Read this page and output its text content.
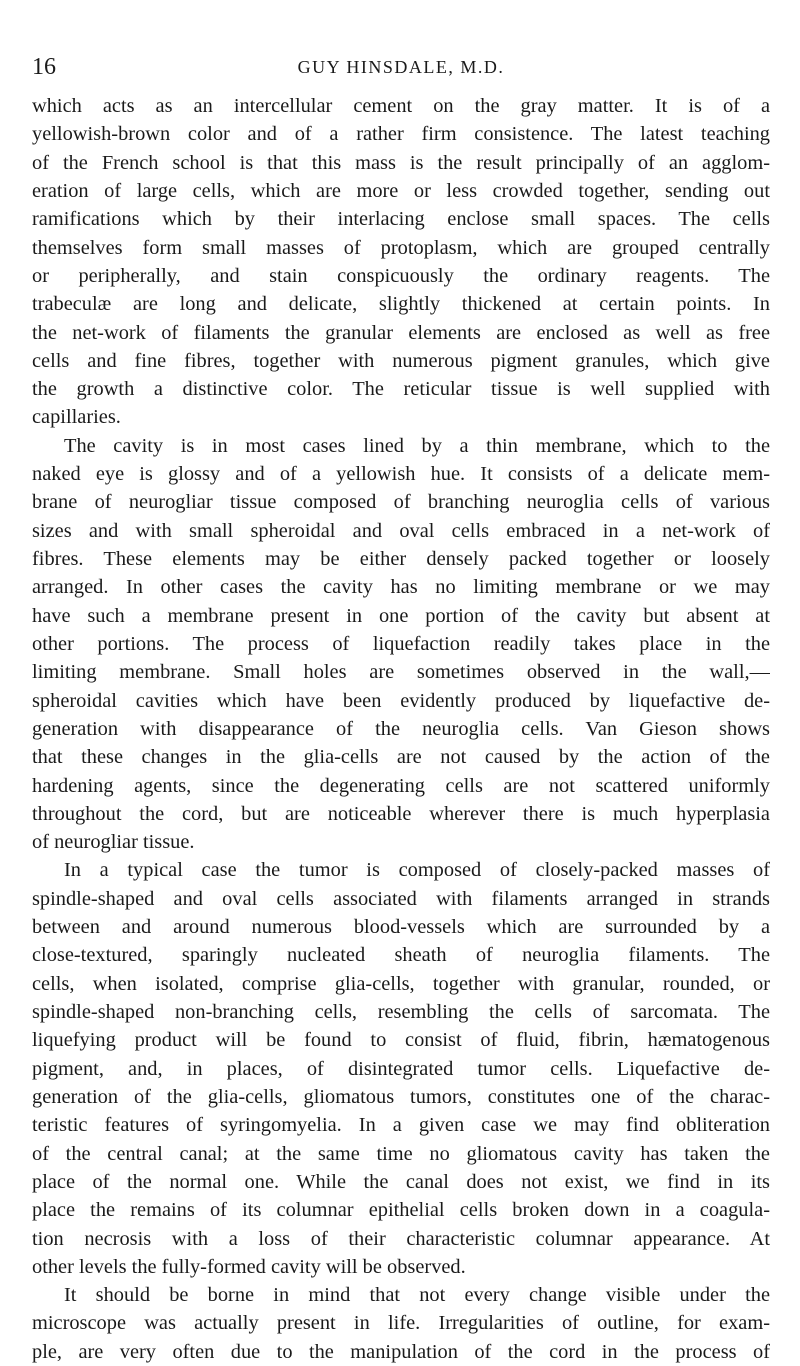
16	GUY HINSDALE, M.D.
which acts as an intercellular cement on the gray matter. It is of a
yellowish-brown color and of a rather firm consistence. The latest teaching
of the French school is that this mass is the result principally of an agglom-
eration of large cells, which are more or less crowded together, sending out
ramifications which by their interlacing enclose small spaces. The cells
themselves form small masses of protoplasm, which are grouped centrally
or peripherally, and stain conspicuously the ordinary reagents. The
trabeculæ are long and delicate, slightly thickened at certain points. In
the net-work of filaments the granular elements are enclosed as well as free
cells and fine fibres, together with numerous pigment granules, which give
the growth a distinctive color. The reticular tissue is well supplied with
capillaries.
The cavity is in most cases lined by a thin membrane, which to the
naked eye is glossy and of a yellowish hue. It consists of a delicate mem-
brane of neurogliar tissue composed of branching neuroglia cells of various
sizes and with small spheroidal and oval cells embraced in a net-work of
fibres. These elements may be either densely packed together or loosely
arranged. In other cases the cavity has no limiting membrane or we may
have such a membrane present in one portion of the cavity but absent at
other portions. The process of liquefaction readily takes place in the
limiting membrane. Small holes are sometimes observed in the wall,—
spheroidal cavities which have been evidently produced by liquefactive de-
generation with disappearance of the neuroglia cells. Van Gieson shows
that these changes in the glia-cells are not caused by the action of the
hardening agents, since the degenerating cells are not scattered uniformly
throughout the cord, but are noticeable wherever there is much hyperplasia
of neurogliar tissue.
In a typical case the tumor is composed of closely-packed masses of
spindle-shaped and oval cells associated with filaments arranged in strands
between and around numerous blood-vessels which are surrounded by a
close-textured, sparingly nucleated sheath of neuroglia filaments. The
cells, when isolated, comprise glia-cells, together with granular, rounded, or
spindle-shaped non-branching cells, resembling the cells of sarcomata. The
liquefying product will be found to consist of fluid, fibrin, hæmatogenous
pigment, and, in places, of disintegrated tumor cells. Liquefactive de-
generation of the glia-cells, gliomatous tumors, constitutes one of the charac-
teristic features of syringomyelia. In a given case we may find obliteration
of the central canal; at the same time no gliomatous cavity has taken the
place of the normal one. While the canal does not exist, we find in its
place the remains of its columnar epithelial cells broken down in a coagula-
tion necrosis with a loss of their characteristic columnar appearance. At
other levels the fully-formed cavity will be observed.
It should be borne in mind that not every change visible under the
microscope was actually present in life. Irregularities of outline, for exam-
ple, are very often due to the manipulation of the cord in the process of
